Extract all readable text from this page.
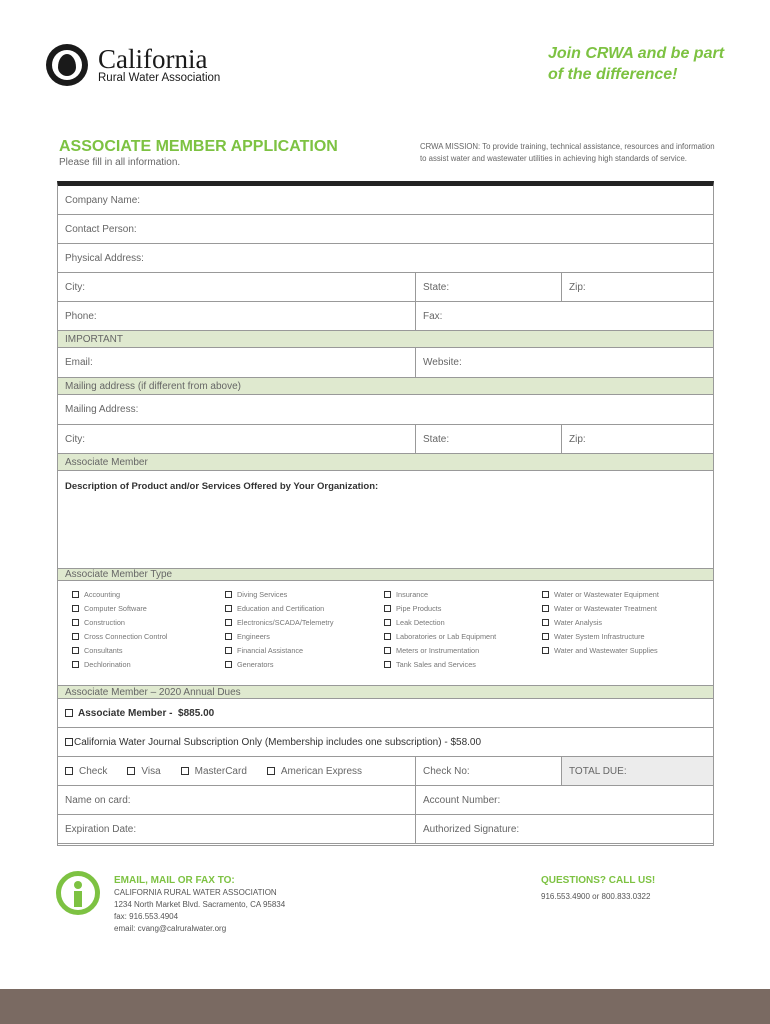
California
Rural Water Association
Join CRWA and be part
of the difference!
ASSOCIATE MEMBER APPLICATION
Please fill in all information.
CRWA MISSION: To provide training, technical assistance, resources and information
to assist water and wastewater utilities in achieving high standards of service.
Company Name:
Contact Person:
Physical Address:
City:	State:	Zip:
Phone:	Fax:
IMPORTANT
Email:	Website:
Mailing address (if different from above)
Mailing Address:
City:	State:	Zip:
Associate Member
Description of Product and/or Services Offered by Your Organization:
Associate Member Type
Accounting
Computer Software
Construction
Cross Connection Control
Consultants
Dechlorination
Diving Services
Education and Certification
Electronics/SCADA/Telemetry
Engineers
Financial Assistance
Generators
Insurance
Pipe Products
Leak Detection
Laboratories or Lab Equipment
Meters or Instrumentation
Tank Sales and Services
Water or Wastewater Equipment
Water or Wastewater Treatment
Water Analysis
Water System Infrastructure
Water and Wastewater Supplies
Associate Member – 2020 Annual Dues
Associate Member -
$885.00
California Water Journal Subscription Only (Membership includes one subscription) - $58.00
Check	Visa	MasterCard	American Express	Check No:	TOTAL DUE:
Name on card:	Account Number:
Expiration Date:	Authorized Signature:
EMAIL, MAIL OR FAX TO:
CALIFORNIA RURAL WATER ASSOCIATION
1234 North Market Blvd. Sacramento, CA 95834
fax: 916.553.4904
email: cvang@calruralwater.org
QUESTIONS? CALL US!
916.553.4900 or 800.833.0322
